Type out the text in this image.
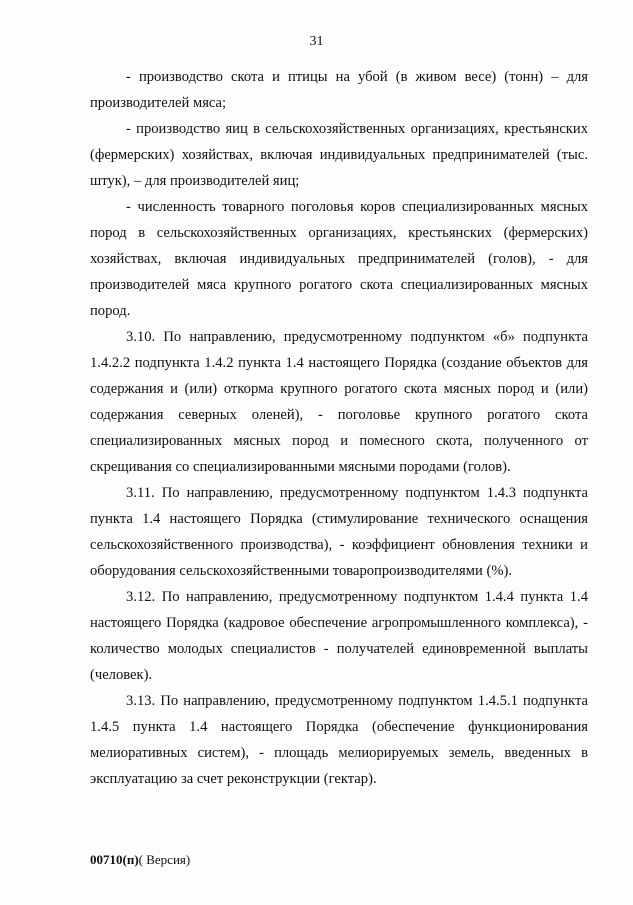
31

- производство скота и птицы на убой (в живом весе) (тонн) – для производителей мяса;

- производство яиц в сельскохозяйственных организациях, крестьянских (фермерских) хозяйствах, включая индивидуальных предпринимателей (тыс. штук), – для производителей яиц;

- численность товарного поголовья коров специализированных мясных пород в сельскохозяйственных организациях, крестьянских (фермерских) хозяйствах, включая индивидуальных предпринимателей (голов), - для производителей мяса крупного рогатого скота специализированных мясных пород.

3.10. По направлению, предусмотренному подпунктом «б» подпункта 1.4.2.2 подпункта 1.4.2 пункта 1.4 настоящего Порядка (создание объектов для содержания и (или) откорма крупного рогатого скота мясных пород и (или) содержания северных оленей), - поголовье крупного рогатого скота специализированных мясных пород и помесного скота, полученного от скрещивания со специализированными мясными породами (голов).

3.11. По направлению, предусмотренному подпунктом 1.4.3 подпункта пункта 1.4 настоящего Порядка (стимулирование технического оснащения сельскохозяйственного производства), - коэффициент обновления техники и оборудования сельскохозяйственными товаропроизводителями (%).

3.12. По направлению, предусмотренному подпунктом 1.4.4 пункта 1.4 настоящего Порядка (кадровое обеспечение агропромышленного комплекса), - количество молодых специалистов - получателей единовременной выплаты (человек).

3.13. По направлению, предусмотренному подпунктом 1.4.5.1 подпункта 1.4.5 пункта 1.4 настоящего Порядка (обеспечение функционирования мелиоративных систем), - площадь мелиорируемых земель, введенных в эксплуатацию за счет реконструкции (гектар).

00710(п)( Версия)
